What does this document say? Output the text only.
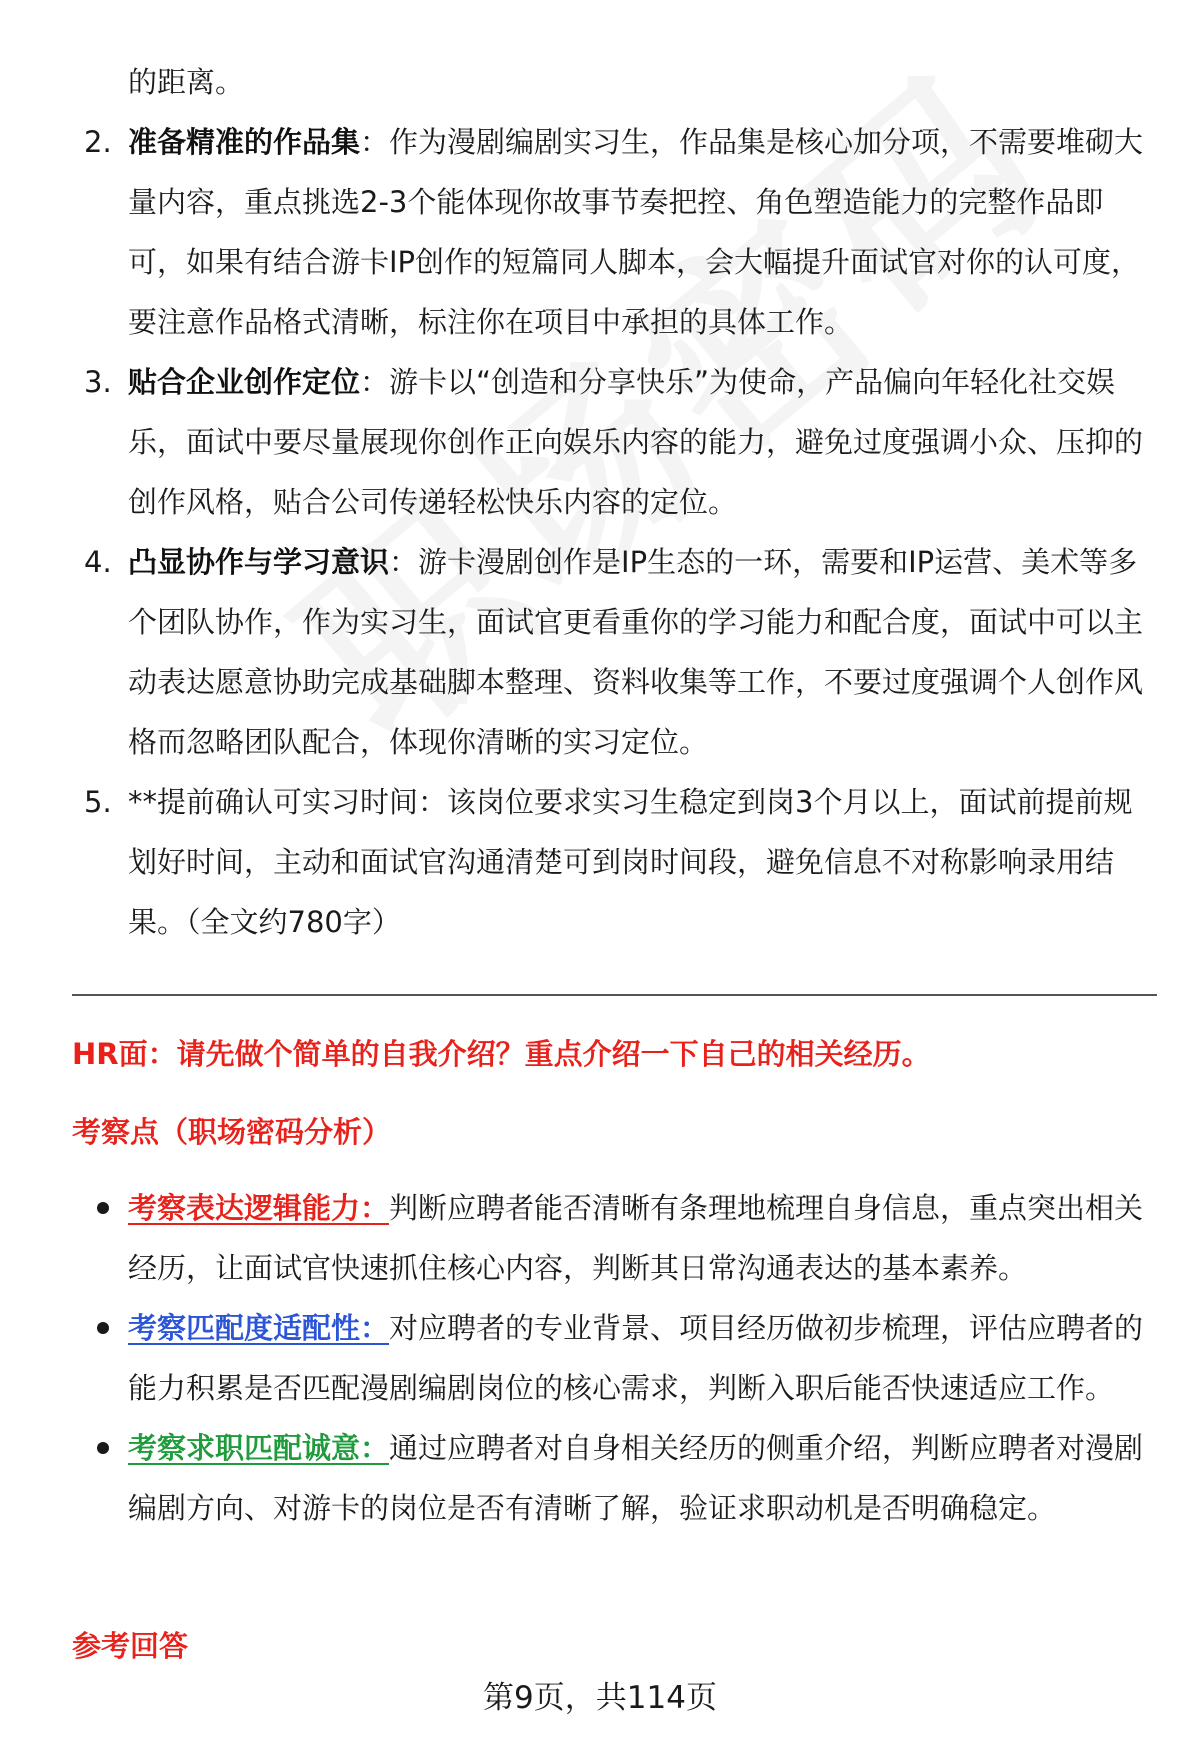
的距离。

2. 准备精准的作品集：作为漫剧编剧实习生，作品集是核心加分项，不需要堆砌大量内容，重点挑选2-3个能体现你故事节奏把控、角色塑造能力的完整作品即可，如果有结合游卡IP创作的短篇同人脚本，会大幅提升面试官对你的认可度，要注意作品格式清晰，标注你在项目中承担的具体工作。
3. 贴合企业创作定位：游卡以“创造和分享快乐”为使命，产品偏向年轻化社交娱乐，面试中要尽量展现你创作正向娱乐内容的能力，避免过度强调小众、压抑的创作风格，贴合公司传递轻松快乐内容的定位。
4. 凸显协作与学习意识：游卡漫剧创作是IP生态的一环，需要和IP运营、美术等多个团队协作，作为实习生，面试官更看重你的学习能力和配合度，面试中可以主动表达愿意协助完成基础脚本整理、资料收集等工作，不要过度强调个人创作风格而忽略团队配合，体现你清晰的实习定位。
5. **提前确认可实习时间：该岗位要求实习生稳定到岗3个月以上，面试前提前规划好时间，主动和面试官沟通清楚可到岗时间段，避免信息不对称影响录用结果。（全文约780字）

HR面：请先做个简单的自我介绍？重点介绍一下自己的相关经历。

考察点（职场密码分析）

考察表达逻辑能力：判断应聘者能否清晰有条理地梳理自身信息，重点突出相关经历，让面试官快速抓住核心内容，判断其日常沟通表达的基本素养。
考察匹配度适配性：对应聘者的专业背景、项目经历做初步梳理，评估应聘者的能力积累是否匹配漫剧编剧岗位的核心需求，判断入职后能否快速适应工作。
考察求职匹配诚意：通过应聘者对自身相关经历的侧重介绍，判断应聘者对漫剧编剧方向、对游卡的岗位是否有清晰了解，验证求职动机是否明确稳定。

参考回答

第9页，共114页
